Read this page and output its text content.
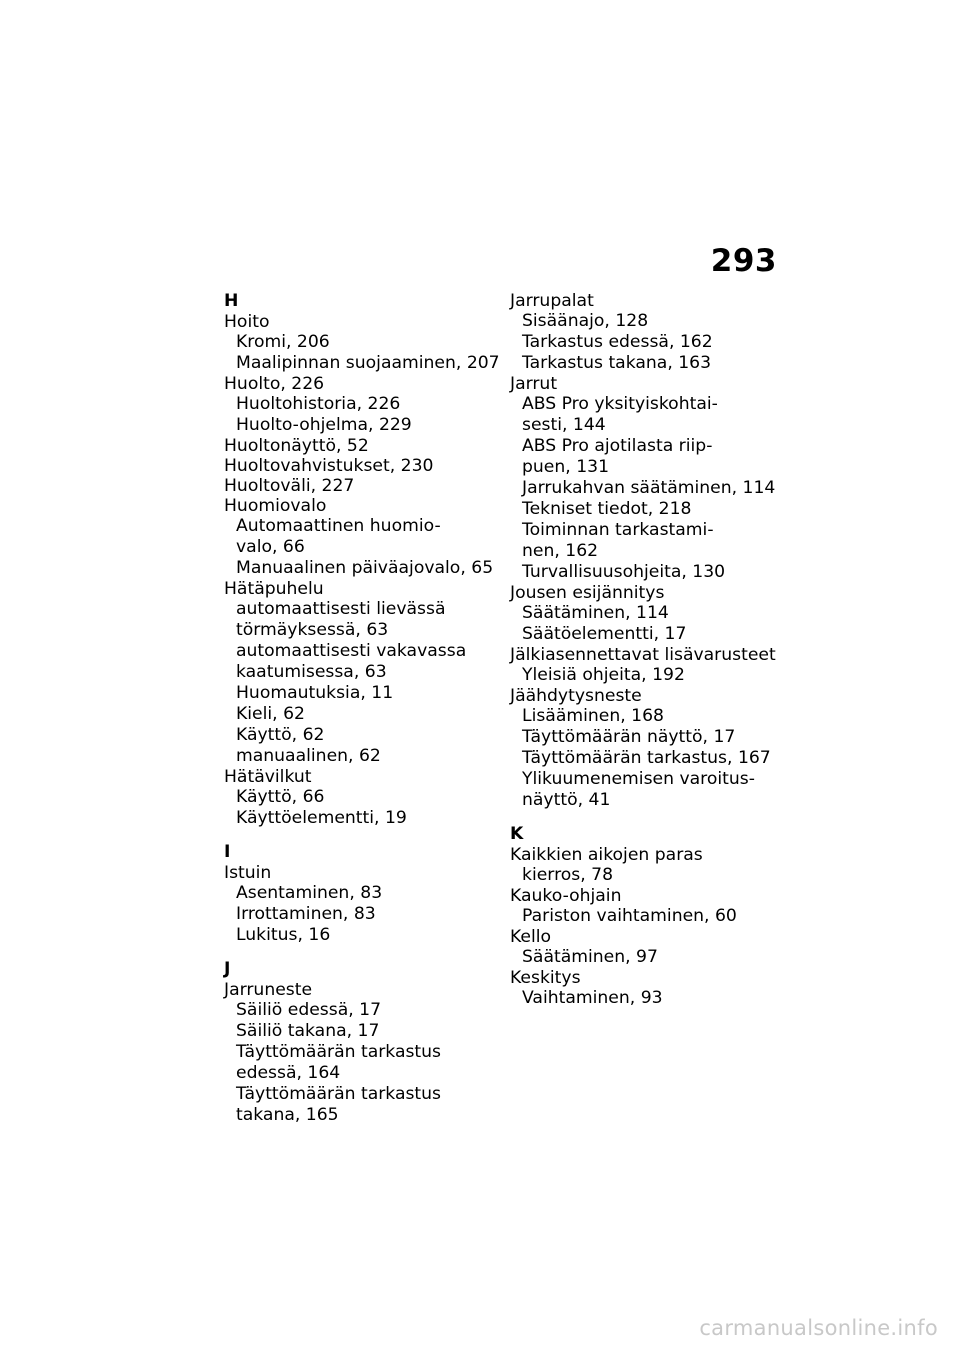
293
H
Hoito
Kromi, 206
Maalipinnan suojaaminen, 207
Huolto, 226
Huoltohistoria, 226
Huolto-ohjelma, 229
Huoltonäyttö, 52
Huoltovahvistukset, 230
Huoltoväli, 227
Huomiovalo
Automaattinen huomio-
valo, 66
Manuaalinen päiväajovalo, 65
Hätäpuhelu
automaattisesti lievässä
törmäyksessä, 63
automaattisesti vakavassa
kaatumisessa, 63
Huomautuksia, 11
Kieli, 62
Käyttö, 62
manuaalinen, 62
Hätävilkut
Käyttö, 66
Käyttöelementti, 19
I
Istuin
Asentaminen, 83
Irrottaminen, 83
Lukitus, 16
J
Jarruneste
Säiliö edessä, 17
Säiliö takana, 17
Täyttömäärän tarkastus
edessä, 164
Täyttömäärän tarkastus
takana, 165
Jarrupalat
Sisäänajo, 128
Tarkastus edessä, 162
Tarkastus takana, 163
Jarrut
ABS Pro yksityiskohtai-
sesti, 144
ABS Pro ajotilasta riip-
puen, 131
Jarrukahvan säätäminen, 114
Tekniset tiedot, 218
Toiminnan tarkastami-
nen, 162
Turvallisuusohjeita, 130
Jousen esijännitys
Säätäminen, 114
Säätöelementti, 17
Jälkiasennettavat lisävarusteet
Yleisiä ohjeita, 192
Jäähdytysneste
Lisääminen, 168
Täyttömäärän näyttö, 17
Täyttömäärän tarkastus, 167
Ylikuumenemisen varoitus-
näyttö, 41
K
Kaikkien aikojen paras
kierros, 78
Kauko-ohjain
Pariston vaihtaminen, 60
Kello
Säätäminen, 97
Keskitys
Vaihtaminen, 93
carmanualsonline.info
